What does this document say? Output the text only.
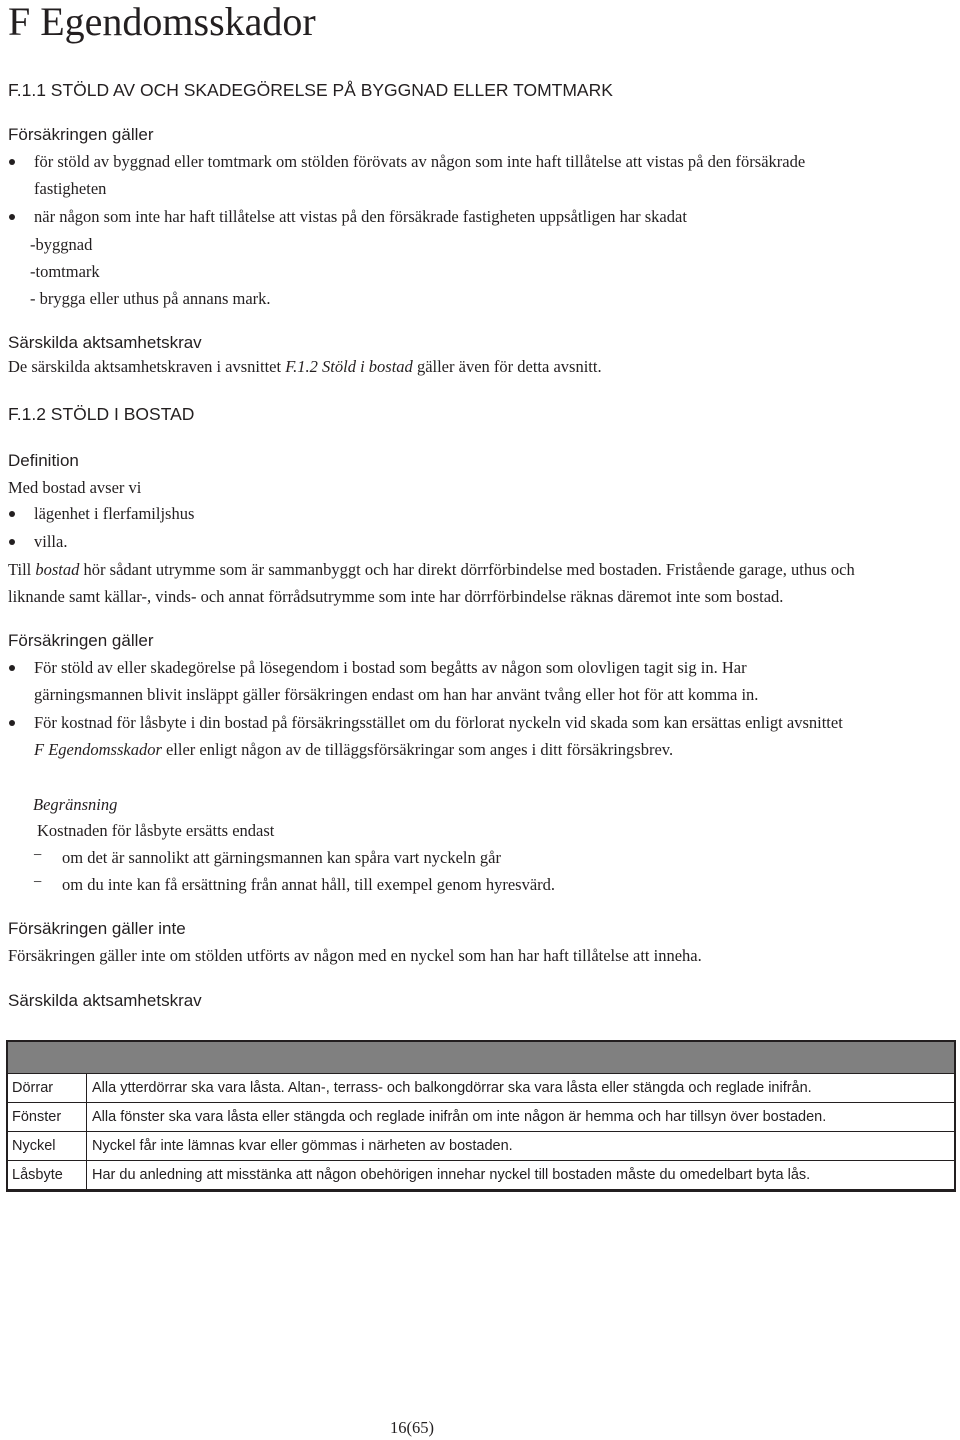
F Egendomsskador
F.1.1 STÖLD AV OCH SKADEGÖRELSE PÅ BYGGNAD ELLER TOMTMARK
Försäkringen gäller
för stöld av byggnad eller tomtmark om stölden förövats av någon som inte haft tillåtelse att vistas på den försäkrade
fastigheten
när någon som inte har haft tillåtelse att vistas på den försäkrade fastigheten uppsåtligen har skadat
-byggnad
-tomtmark
- brygga eller uthus på annans mark.
Särskilda aktsamhetskrav
De särskilda aktsamhetskraven i avsnittet F.1.2 Stöld i bostad gäller även för detta avsnitt.
F.1.2 STÖLD I BOSTAD
Definition
Med bostad avser vi
lägenhet i flerfamiljshus
villa.
Till bostad hör sådant utrymme som är sammanbyggt och har direkt dörrförbindelse med bostaden. Fristående garage, uthus och
liknande samt källar-, vinds- och annat förrådsutrymme som inte har dörrförbindelse räknas däremot inte som bostad.
Försäkringen gäller
För stöld av eller skadegörelse på lösegendom i bostad som begåtts av någon som olovligen tagit sig in. Har
gärningsmannen blivit insläppt gäller försäkringen endast om han har använt tvång eller hot för att komma in.
För kostnad för låsbyte i din bostad på försäkringsstället om du förlorat nyckeln vid skada som kan ersättas enligt avsnittet
F Egendomsskador eller enligt någon av de tilläggsförsäkringar som anges i ditt försäkringsbrev.
Begränsning
Kostnaden för låsbyte ersätts endast
− om det är sannolikt att gärningsmannen kan spåra vart nyckeln går
− om du inte kan få ersättning från annat håll, till exempel genom hyresvärd.
Försäkringen gäller inte
Försäkringen gäller inte om stölden utförts av någon med en nyckel som han har haft tillåtelse att inneha.
Särskilda aktsamhetskrav

Dörrar	Alla ytterdörrar ska vara låsta. Altan-, terrass- och balkongdörrar ska vara låsta eller stängda och reglade inifrån.
Fönster	Alla fönster ska vara låsta eller stängda och reglade inifrån om inte någon är hemma och har tillsyn över bostaden.
Nyckel	Nyckel får inte lämnas kvar eller gömmas i närheten av bostaden.
Låsbyte	Har du anledning att misstänka att någon obehörigen innehar nyckel till bostaden måste du omedelbart byta lås.
16(65)
